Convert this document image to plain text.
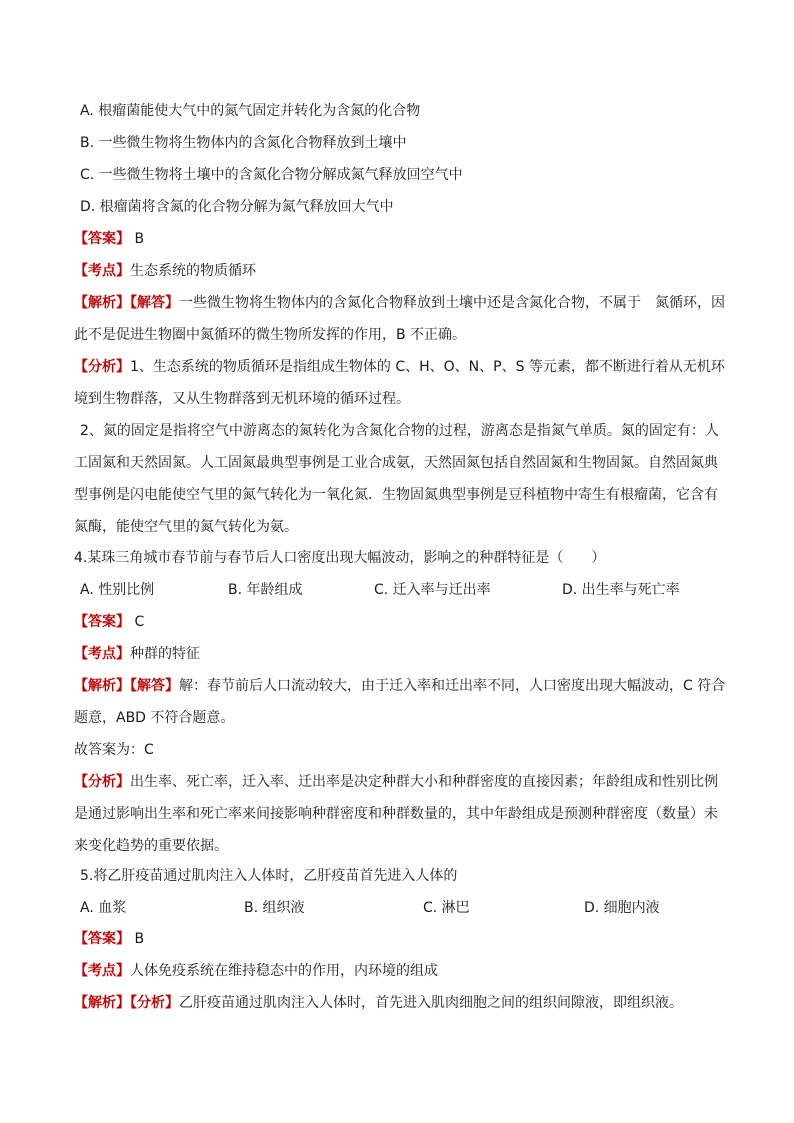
A. 根瘤菌能使大气中的氮气固定并转化为含氮的化合物
B. 一些微生物将生物体内的含氮化合物释放到土壤中
C. 一些微生物将土壤中的含氮化合物分解成氮气释放回空气中
D. 根瘤菌将含氮的化合物分解为氮气释放回大气中
【答案】 B
【考点】生态系统的物质循环
【解析】【解答】一些微生物将生物体内的含氮化合物释放到土壤中还是含氮化合物，不属于　氮循环，因
此不是促进生物圈中氮循环的微生物所发挥的作用，B 不正确。
【分析】1、生态系统的物质循环是指组成生物体的 C、H、O、N、P、S 等元素，都不断进行着从无机环
境到生物群落，又从生物群落到无机环境的循环过程。
2、氮的固定是指将空气中游离态的氮转化为含氮化合物的过程，游离态是指氮气单质。氮的固定有：人
工固氮和天然固氮。人工固氮最典型事例是工业合成氨，天然固氮包括自然固氮和生物固氮。自然固氮典
型事例是闪电能使空气里的氮气转化为一氧化氮．生物固氮典型事例是豆科植物中寄生有根瘤菌，它含有
氮酶，能使空气里的氮气转化为氨。
4.某珠三角城市春节前与春节后人口密度出现大幅波动，影响之的种群特征是（　　）
A. 性别比例	B. 年龄组成	C. 迁入率与迁出率	D. 出生率与死亡率
【答案】 C
【考点】种群的特征
【解析】【解答】解：春节前后人口流动较大，由于迁入率和迁出率不同，人口密度出现大幅波动，C 符合
题意，ABD 不符合题意。
故答案为：C
【分析】出生率、死亡率，迁入率、迁出率是决定种群大小和种群密度的直接因素；年龄组成和性别比例
是通过影响出生率和死亡率来间接影响种群密度和种群数量的，其中年龄组成是预测种群密度（数量）未
来变化趋势的重要依据。
5.将乙肝疫苗通过肌肉注入人体时，乙肝疫苗首先进入人体的
A. 血浆	B. 组织液	C. 淋巴	D. 细胞内液
【答案】 B
【考点】人体免疫系统在维持稳态中的作用，内环境的组成
【解析】【分析】乙肝疫苗通过肌肉注入人体时，首先进入肌肉细胞之间的组织间隙液，即组织液。
